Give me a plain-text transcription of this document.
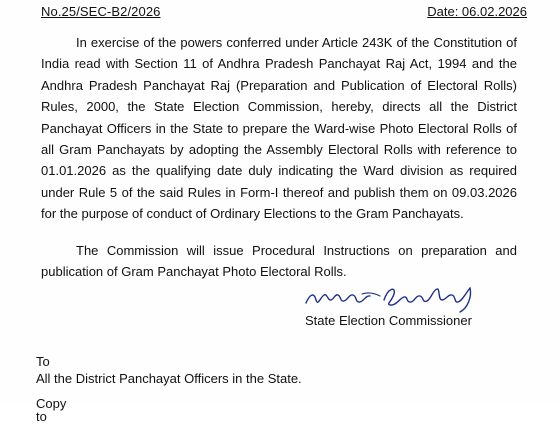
No.25/SEC-B2/2026	Date: 06.02.2026

In exercise of the powers conferred under Article 243K of the Constitution of India read with Section 11 of Andhra Pradesh Panchayat Raj Act, 1994 and the Andhra Pradesh Panchayat Raj (Preparation and Publication of Electoral Rolls) Rules, 2000, the State Election Commission, hereby, directs all the District Panchayat Officers in the State to prepare the Ward-wise Photo Electoral Rolls of all Gram Panchayats by adopting the Assembly Electoral Rolls with reference to 01.01.2026 as the qualifying date duly indicating the Ward division as required under Rule 5 of the said Rules in Form-I thereof and publish them on 09.03.2026 for the purpose of conduct of Ordinary Elections to the Gram Panchayats.

The Commission will issue Procedural Instructions on preparation and publication of Gram Panchayat Photo Electoral Rolls.

State Election Commissioner
To
All the District Panchayat Officers in the State.
Copy to
